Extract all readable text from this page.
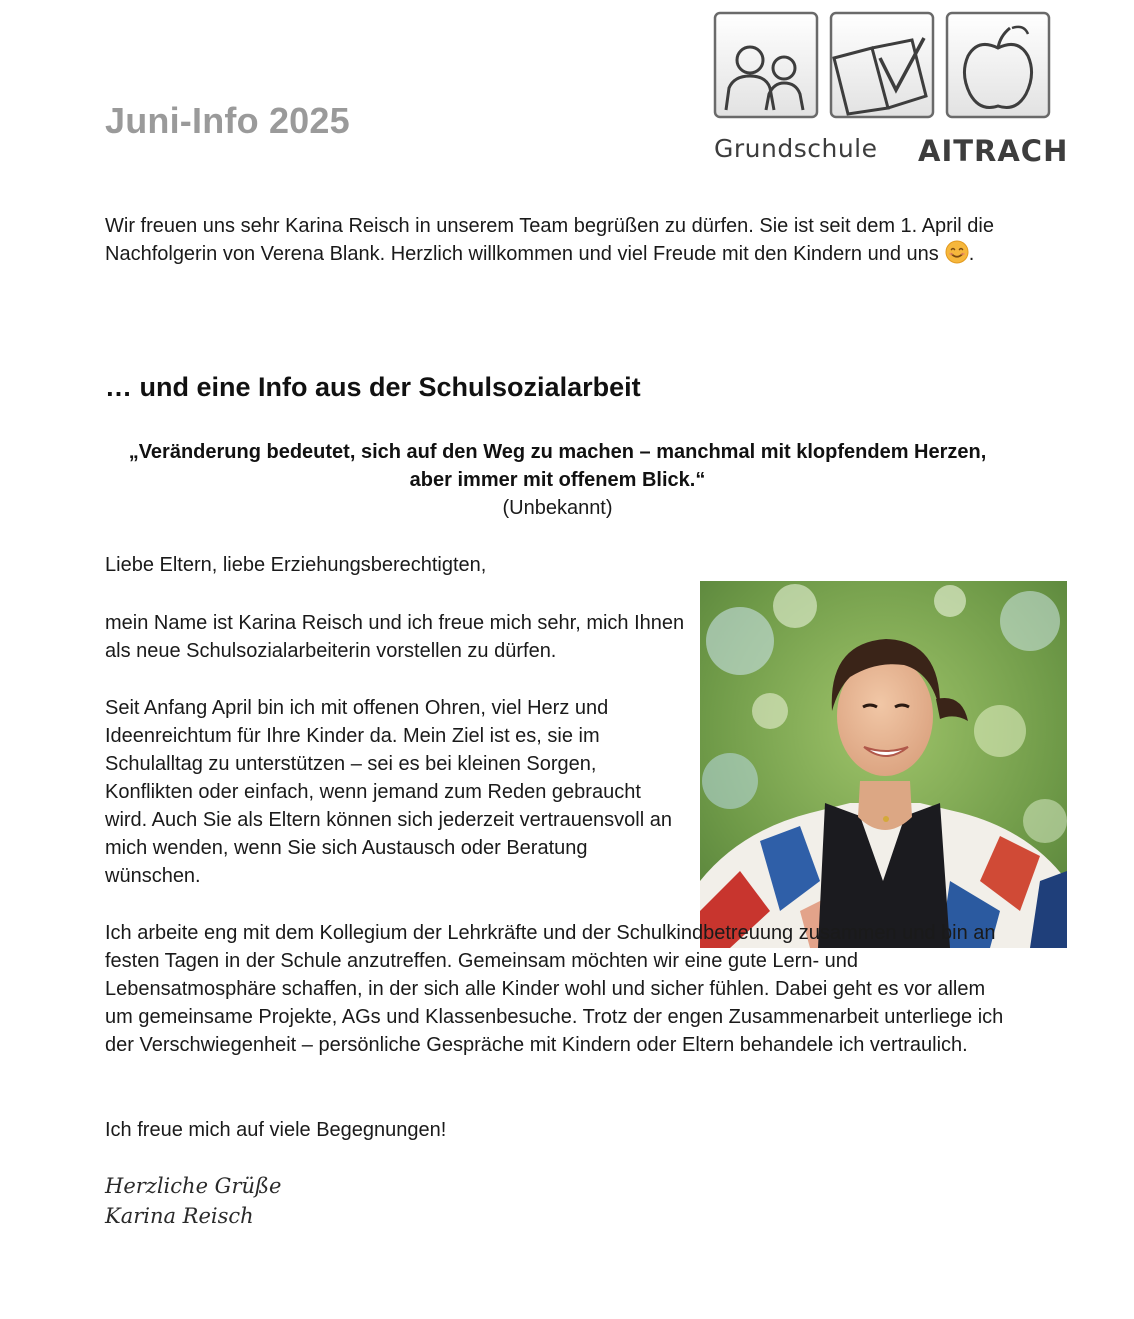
Juni-Info 2025
Grundschule AITRACH

Wir freuen uns sehr Karina Reisch in unserem Team begrüßen zu dürfen. Sie ist seit dem 1. April die Nachfolgerin von Verena Blank. Herzlich willkommen und viel Freude mit den Kindern und uns .

… und eine Info aus der Schulsozialarbeit

„Veränderung bedeutet, sich auf den Weg zu machen – manchmal mit klopfendem Herzen,
aber immer mit offenem Blick.“
(Unbekannt)

Liebe Eltern, liebe Erziehungsberechtigten,

mein Name ist Karina Reisch und ich freue mich sehr, mich Ihnen als neue Schulsozialarbeiterin vorstellen zu dürfen.

Seit Anfang April bin ich mit offenen Ohren, viel Herz und Ideenreichtum für Ihre Kinder da. Mein Ziel ist es, sie im Schulalltag zu unterstützen – sei es bei kleinen Sorgen, Konflikten oder einfach, wenn jemand zum Reden gebraucht wird. Auch Sie als Eltern können sich jederzeit vertrauensvoll an mich wenden, wenn Sie sich Austausch oder Beratung wünschen.

Ich arbeite eng mit dem Kollegium der Lehrkräfte und der Schulkindbetreuung zusammen und bin an festen Tagen in der Schule anzutreffen. Gemeinsam möchten wir eine gute Lern- und Lebensatmosphäre schaffen, in der sich alle Kinder wohl und sicher fühlen. Dabei geht es vor allem um gemeinsame Projekte, AGs und Klassenbesuche. Trotz der engen Zusammenarbeit unterliege ich der Verschwiegenheit – persönliche Gespräche mit Kindern oder Eltern behandele ich vertraulich.

Ich freue mich auf viele Begegnungen!

Herzliche Grüße
Karina Reisch
